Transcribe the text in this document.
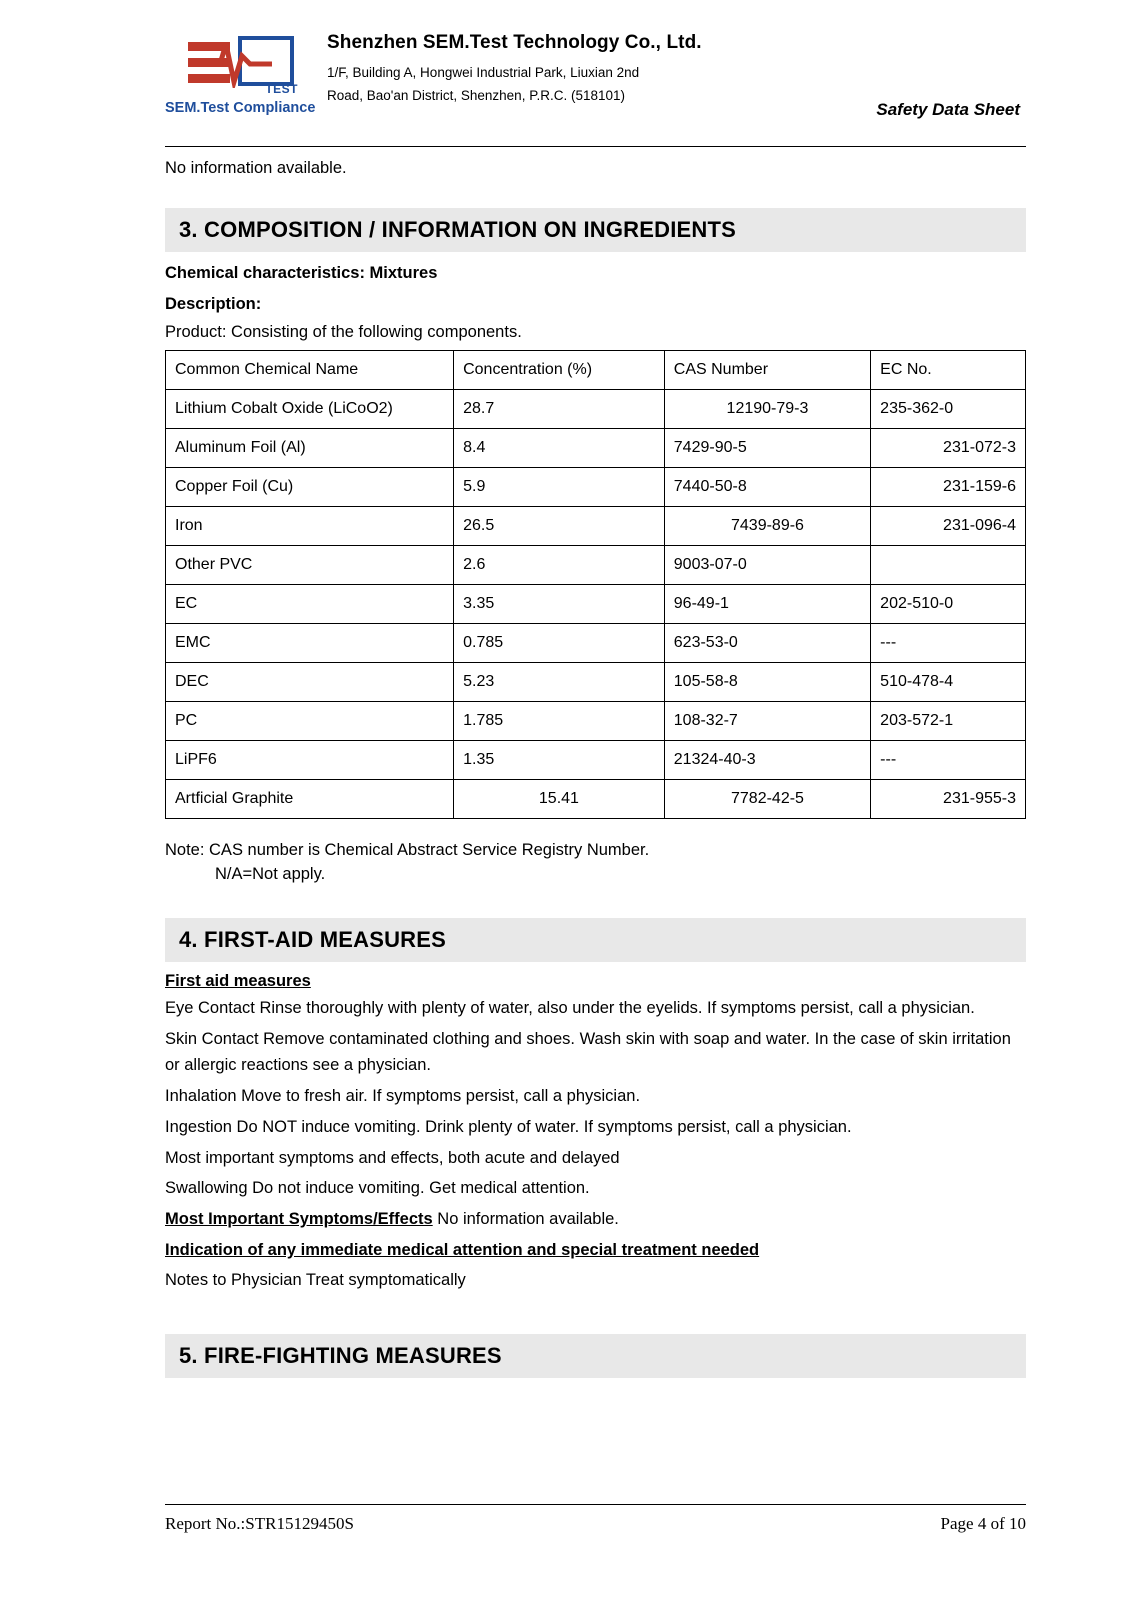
TEST
SEM.Test Compliance
Shenzhen SEM.Test Technology Co., Ltd.
1/F, Building A, Hongwei Industrial Park, Liuxian 2nd
Road, Bao'an District, Shenzhen, P.R.C. (518101)
Safety Data Sheet
No information available.
3. COMPOSITION / INFORMATION ON INGREDIENTS
Chemical characteristics: Mixtures
Description:
Product: Consisting of the following components.
Common Chemical Name	Concentration (%)	CAS Number	EC No.
Lithium Cobalt Oxide (LiCoO2)	28.7	12190-79-3	235-362-0
Aluminum Foil (Al)	8.4	7429-90-5	231-072-3
Copper Foil (Cu)	5.9	7440-50-8	231-159-6
Iron	26.5	7439-89-6	231-096-4
Other PVC	2.6	9003-07-0	
EC	3.35	96-49-1	202-510-0
EMC	0.785	623-53-0	---
DEC	5.23	105-58-8	510-478-4
PC	1.785	108-32-7	203-572-1
LiPF6	1.35	21324-40-3	---
Artficial Graphite	15.41	7782-42-5	231-955-3
Note: CAS number is Chemical Abstract Service Registry Number.
N/A=Not apply.
4. FIRST-AID MEASURES
First aid measures
Eye Contact Rinse thoroughly with plenty of water, also under the eyelids. If symptoms persist, call a physician.
Skin Contact Remove contaminated clothing and shoes. Wash skin with soap and water. In the case of skin irritation or allergic reactions see a physician.
Inhalation Move to fresh air. If symptoms persist, call a physician.
Ingestion Do NOT induce vomiting. Drink plenty of water. If symptoms persist, call a physician.
Most important symptoms and effects, both acute and delayed
Swallowing Do not induce vomiting. Get medical attention.
Most Important Symptoms/Effects No information available.
Indication of any immediate medical attention and special treatment needed
Notes to Physician Treat symptomatically
5. FIRE-FIGHTING MEASURES
Report No.:STR15129450S	Page 4 of 10
